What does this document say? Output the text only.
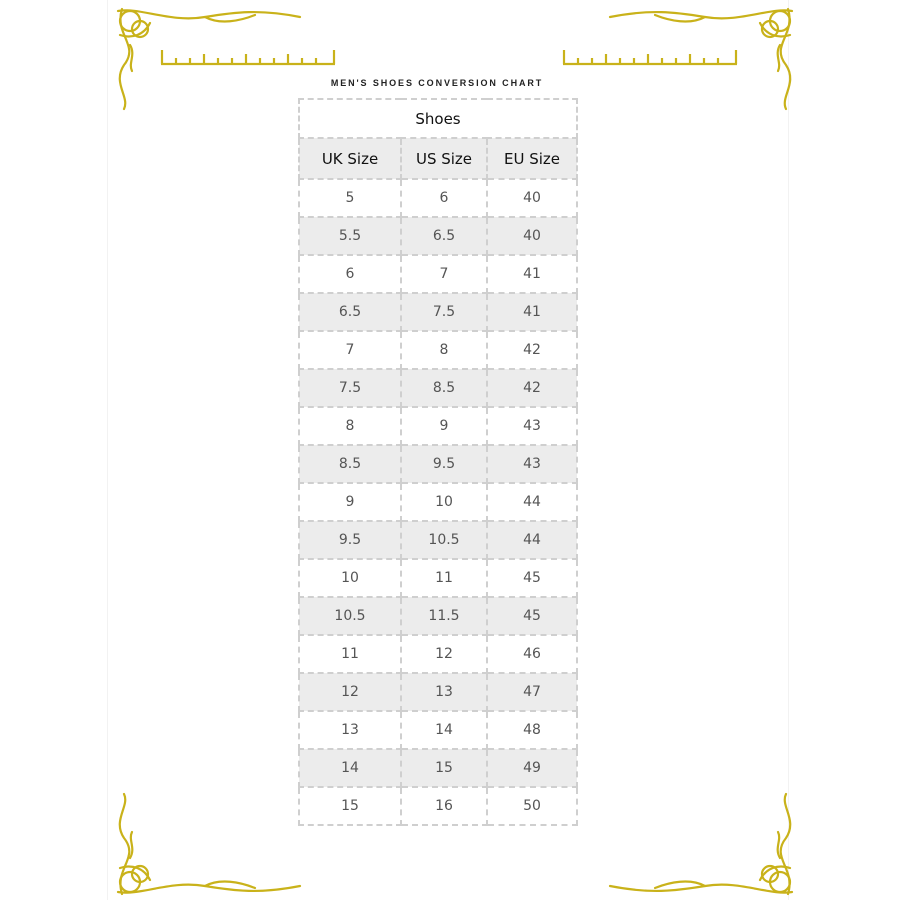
MEN'S SHOES CONVERSION CHART
Shoes		
UK Size	US Size	EU Size
5	6	40
5.5	6.5	40
6	7	41
6.5	7.5	41
7	8	42
7.5	8.5	42
8	9	43
8.5	9.5	43
9	10	44
9.5	10.5	44
10	11	45
10.5	11.5	45
11	12	46
12	13	47
13	14	48
14	15	49
15	16	50
